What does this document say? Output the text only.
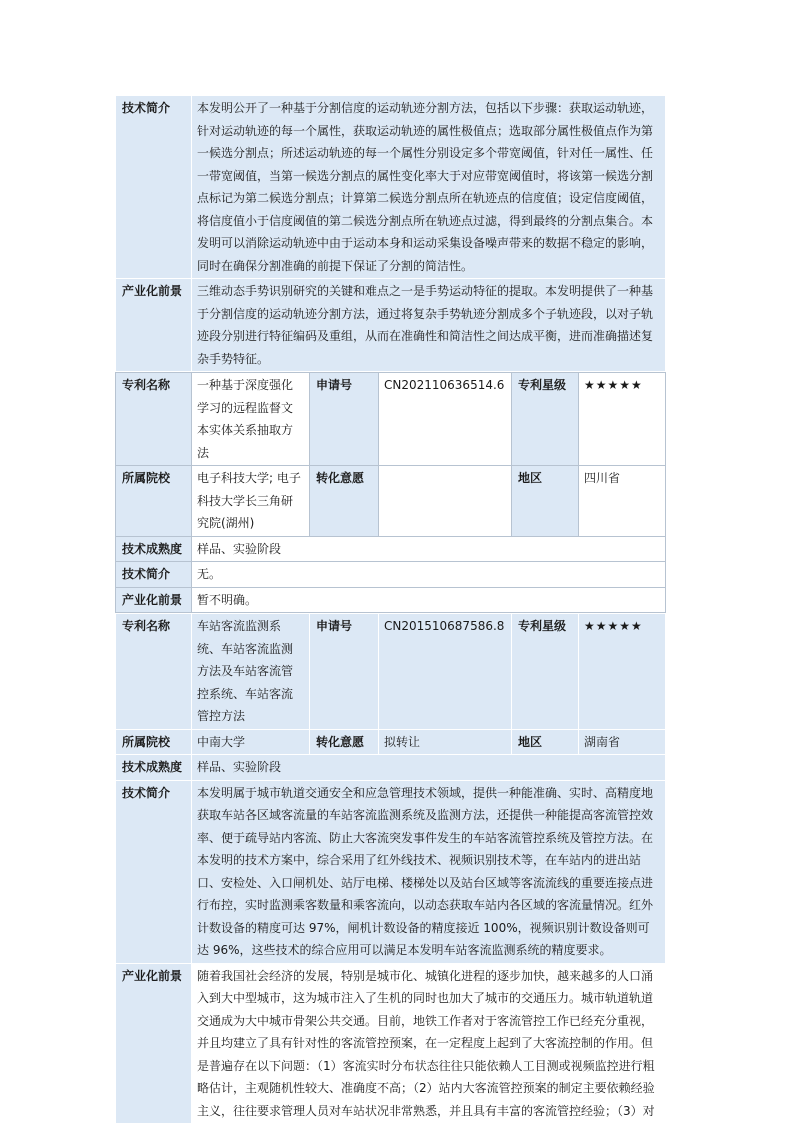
技术简介	本发明公开了一种基于分割信度的运动轨迹分割方法，包括以下步骤：获取运动轨迹，针对运动轨迹的每一个属性，获取运动轨迹的属性极值点；选取部分属性极值点作为第一候选分割点；所述运动轨迹的每一个属性分别设定多个带宽阈值，针对任一属性、任一带宽阈值，当第一候选分割点的属性变化率大于对应带宽阈值时，将该第一候选分割点标记为第二候选分割点；计算第二候选分割点所在轨迹点的信度值；设定信度阈值，将信度值小于信度阈值的第二候选分割点所在轨迹点过滤，得到最终的分割点集合。本发明可以消除运动轨迹中由于运动本身和运动采集设备噪声带来的数据不稳定的影响，同时在确保分割准确的前提下保证了分割的简洁性。
产业化前景	三维动态手势识别研究的关键和难点之一是手势运动特征的提取。本发明提供了一种基于分割信度的运动轨迹分割方法，通过将复杂手势轨迹分割成多个子轨迹段，以对子轨迹段分别进行特征编码及重组，从而在准确性和简洁性之间达成平衡，进而准确描述复杂手势特征。
专利名称	一种基于深度强化学习的远程监督文本实体关系抽取方法	申请号	CN202110636514.6	专利星级	★★★★★
所属院校	电子科技大学; 电子科技大学长三角研究院(湖州)	转化意愿		地区	四川省
技术成熟度	样品、实验阶段				
技术简介	无。				
产业化前景	暂不明确。				
专利名称	车站客流监测系统、车站客流监测方法及车站客流管控系统、车站客流管控方法	申请号	CN201510687586.8	专利星级	★★★★★
所属院校	中南大学	转化意愿	拟转让	地区	湖南省
技术成熟度	样品、实验阶段				
技术简介	本发明属于城市轨道交通安全和应急管理技术领域，提供一种能准确、实时、高精度地获取车站各区域客流量的车站客流监测系统及监测方法，还提供一种能提高客流管控效率、便于疏导站内客流、防止大客流突发事件发生的车站客流管控系统及管控方法。在本发明的技术方案中，综合采用了红外线技术、视频识别技术等，在车站内的进出站口、安检处、入口闸机处、站厅电梯、楼梯处以及站台区域等客流流线的重要连接点进行布控，实时监测乘客数量和乘客流向，以动态获取车站内各区域的客流量情况。红外计数设备的精度可达 97%，闸机计数设备的精度接近 100%，视频识别计数设备则可达 96%，这些技术的综合应用可以满足本发明车站客流监测系统的精度要求。				
产业化前景	随着我国社会经济的发展，特别是城市化、城镇化进程的逐步加快，越来越多的人口涌入到大中型城市，这为城市注入了生机的同时也加大了城市的交通压力。城市轨道轨道交通成为大中城市骨架公共交通。目前，地铁工作者对于客流管控工作已经充分重视，并且均建立了具有针对性的客流管控预案，在一定程度上起到了大客流控制的作用。但是普遍存在以下问题：（1）客流实时分布状态往往只能依赖人工目测或视频监控进行粗略估计，主观随机性较大、准确度不高；（2）站内大客流管控预案的制定主要依赖经验主义，往往要求管理人员对车站状况非常熟悉，并且具有丰富的客流管控经验；（3）对				
